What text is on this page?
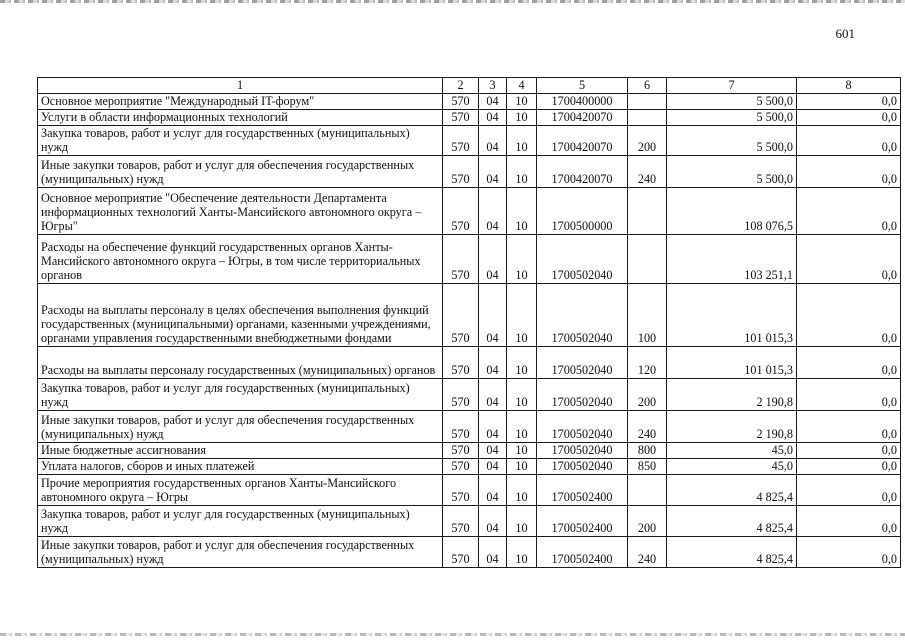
601
1	2	3	4	5	6	7	8
Основное мероприятие "Международный IT-форум"	570	04	10	1700400000		5 500,0	0,0
Услуги в области информационных технологий	570	04	10	1700420070		5 500,0	0,0
Закупка товаров, работ и услуг для государственных (муниципальных) нужд	570	04	10	1700420070	200	5 500,0	0,0
Иные закупки товаров, работ и услуг для обеспечения государственных (муниципальных) нужд	570	04	10	1700420070	240	5 500,0	0,0
Основное мероприятие "Обеспечение деятельности Департамента информационных технологий Ханты-Мансийского автономного округа – Югры"	570	04	10	1700500000		108 076,5	0,0
Расходы на обеспечение функций государственных органов Ханты-Мансийского автономного округа – Югры, в том числе территориальных органов	570	04	10	1700502040		103 251,1	0,0
Расходы на выплаты персоналу в целях обеспечения выполнения функций государственных (муниципальными) органами, казенными учреждениями, органами управления государственными внебюджетными фондами	570	04	10	1700502040	100	101 015,3	0,0
Расходы на выплаты персоналу государственных (муниципальных) органов	570	04	10	1700502040	120	101 015,3	0,0
Закупка товаров, работ и услуг для государственных (муниципальных) нужд	570	04	10	1700502040	200	2 190,8	0,0
Иные закупки товаров, работ и услуг для обеспечения государственных (муниципальных) нужд	570	04	10	1700502040	240	2 190,8	0,0
Иные бюджетные ассигнования	570	04	10	1700502040	800	45,0	0,0
Уплата налогов, сборов и иных платежей	570	04	10	1700502040	850	45,0	0,0
Прочие мероприятия государственных органов Ханты-Мансийского автономного округа – Югры	570	04	10	1700502400		4 825,4	0,0
Закупка товаров, работ и услуг для государственных (муниципальных) нужд	570	04	10	1700502400	200	4 825,4	0,0
Иные закупки товаров, работ и услуг для обеспечения государственных (муниципальных) нужд	570	04	10	1700502400	240	4 825,4	0,0
